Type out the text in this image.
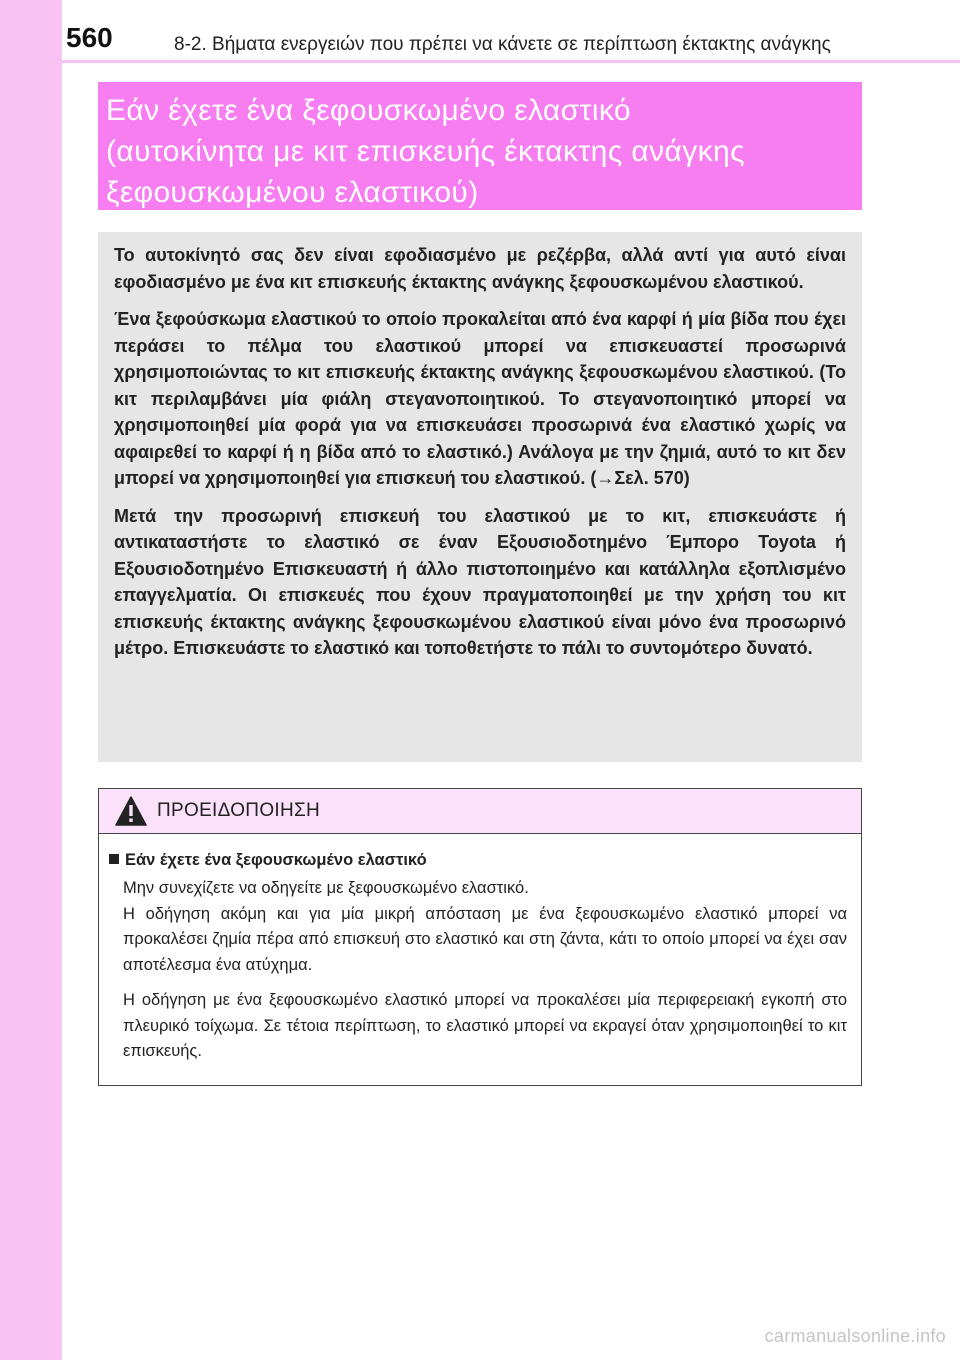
560	8-2. Βήματα ενεργειών που πρέπει να κάνετε σε περίπτωση έκτακτης ανάγκης
Εάν έχετε ένα ξεφουσκωμένο ελαστικό
(αυτοκίνητα με κιτ επισκευής έκτακτης ανάγκης
ξεφουσκωμένου ελαστικού)

Το αυτοκίνητό σας δεν είναι εφοδιασμένο με ρεζέρβα, αλλά αντί για αυτό είναι εφοδιασμένο με ένα κιτ επισκευής έκτακτης ανάγκης ξεφουσκωμένου ελαστικού.

Ένα ξεφούσκωμα ελαστικού το οποίο προκαλείται από ένα καρφί ή μία βίδα που έχει περάσει το πέλμα του ελαστικού μπορεί να επισκευαστεί προσωρινά χρησιμοποιώντας το κιτ επισκευής έκτακτης ανάγκης ξεφουσκωμένου ελαστικού. (Το κιτ περιλαμβάνει μία φιάλη στεγανοποιητικού. Το στεγανοποιητικό μπορεί να χρησιμοποιηθεί μία φορά για να επισκευάσει προσωρινά ένα ελαστικό χωρίς να αφαιρεθεί το καρφί ή η βίδα από το ελαστικό.) Ανάλογα με την ζημιά, αυτό το κιτ δεν μπορεί να χρησιμοποιηθεί για επισκευή του ελαστικού. (→Σελ. 570)

Μετά την προσωρινή επισκευή του ελαστικού με το κιτ, επισκευάστε ή αντικαταστήστε το ελαστικό σε έναν Εξουσιοδοτημένο Έμπορο Toyota ή Εξουσιοδοτημένο Επισκευαστή ή άλλο πιστοποιημένο και κατάλληλα εξοπλισμένο επαγγελματία. Οι επισκευές που έχουν πραγματοποιηθεί με την χρήση του κιτ επισκευής έκτακτης ανάγκης ξεφουσκωμένου ελαστικού είναι μόνο ένα προσωρινό μέτρο. Επισκευάστε το ελαστικό και τοποθετήστε το πάλι το συντομότερο δυνατό.

ΠΡΟΕΙΔΟΠΟΙΗΣΗ
Εάν έχετε ένα ξεφουσκωμένο ελαστικό

Μην συνεχίζετε να οδηγείτε με ξεφουσκωμένο ελαστικό.
Η οδήγηση ακόμη και για μία μικρή απόσταση με ένα ξεφουσκωμένο ελαστικό μπορεί να προκαλέσει ζημία πέρα από επισκευή στο ελαστικό και στη ζάντα, κάτι το οποίο μπορεί να έχει σαν αποτέλεσμα ένα ατύχημα.

Η οδήγηση με ένα ξεφουσκωμένο ελαστικό μπορεί να προκαλέσει μία περιφερειακή εγκοπή στο πλευρικό τοίχωμα. Σε τέτοια περίπτωση, το ελαστικό μπορεί να εκραγεί όταν χρησιμοποιηθεί το κιτ επισκευής.

carmanualsonline.info
